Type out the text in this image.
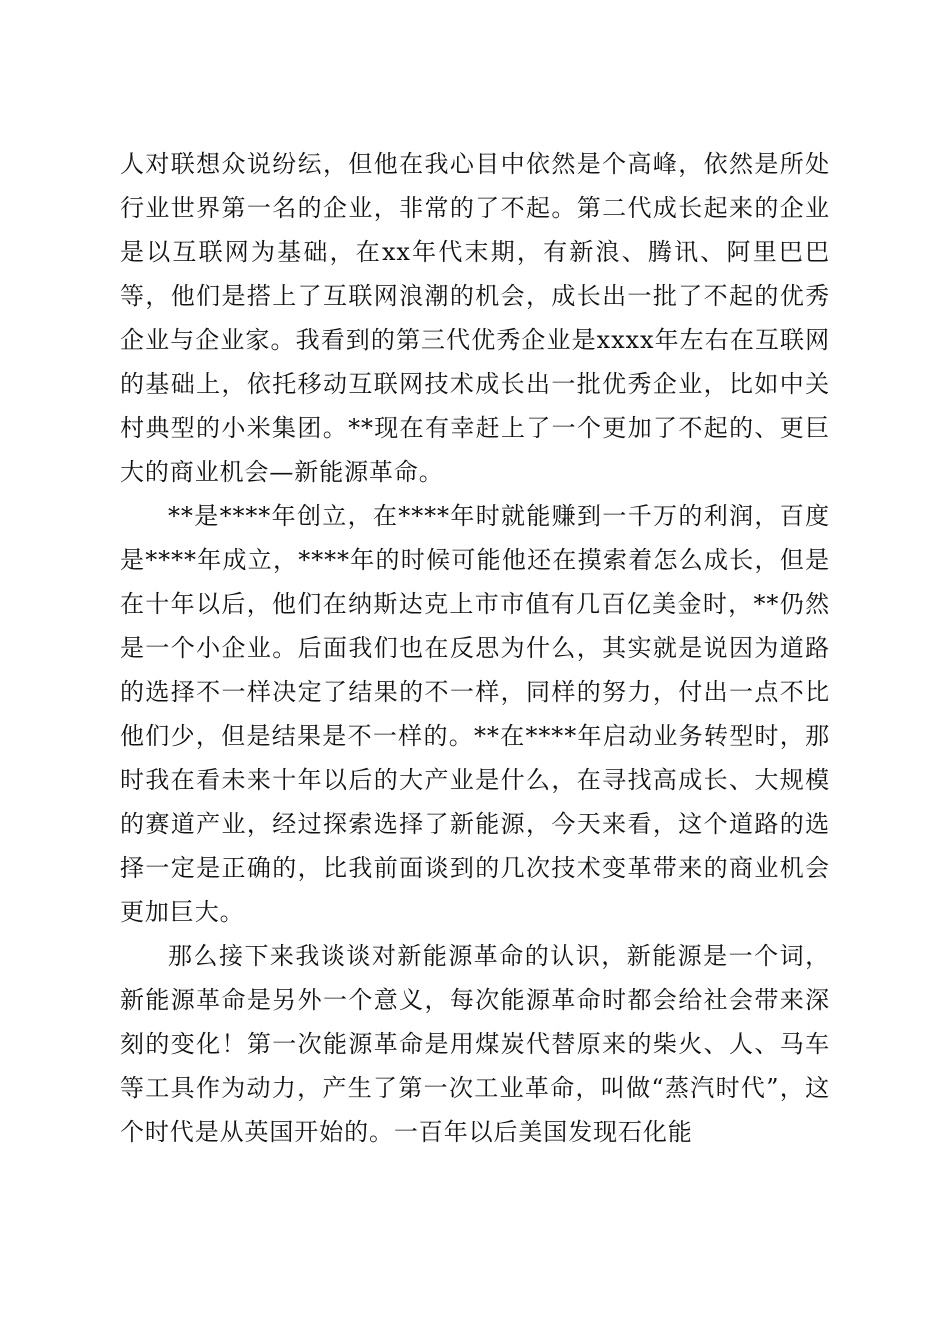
人对联想众说纷纭，但他在我心目中依然是个高峰，依然是所处行业世界第一名的企业，非常的了不起。第二代成长起来的企业是以互联网为基础，在xx年代末期，有新浪、腾讯、阿里巴巴等，他们是搭上了互联网浪潮的机会，成长出一批了不起的优秀企业与企业家。我看到的第三代优秀企业是xxxx年左右在互联网的基础上，依托移动互联网技术成长出一批优秀企业，比如中关村典型的小米集团。**现在有幸赶上了一个更加了不起的、更巨大的商业机会—新能源革命。

**是****年创立，在****年时就能赚到一千万的利润，百度是****年成立，****年的时候可能他还在摸索着怎么成长，但是在十年以后，他们在纳斯达克上市市值有几百亿美金时，**仍然是一个小企业。后面我们也在反思为什么，其实就是说因为道路的选择不一样决定了结果的不一样，同样的努力，付出一点不比他们少，但是结果是不一样的。**在****年启动业务转型时，那时我在看未来十年以后的大产业是什么，在寻找高成长、大规模的赛道产业，经过探索选择了新能源，今天来看，这个道路的选择一定是正确的，比我前面谈到的几次技术变革带来的商业机会更加巨大。

那么接下来我谈谈对新能源革命的认识，新能源是一个词，新能源革命是另外一个意义，每次能源革命时都会给社会带来深刻的变化！第一次能源革命是用煤炭代替原来的柴火、人、马车等工具作为动力，产生了第一次工业革命，叫做“蒸汽时代”，这个时代是从英国开始的。一百年以后美国发现石化能
